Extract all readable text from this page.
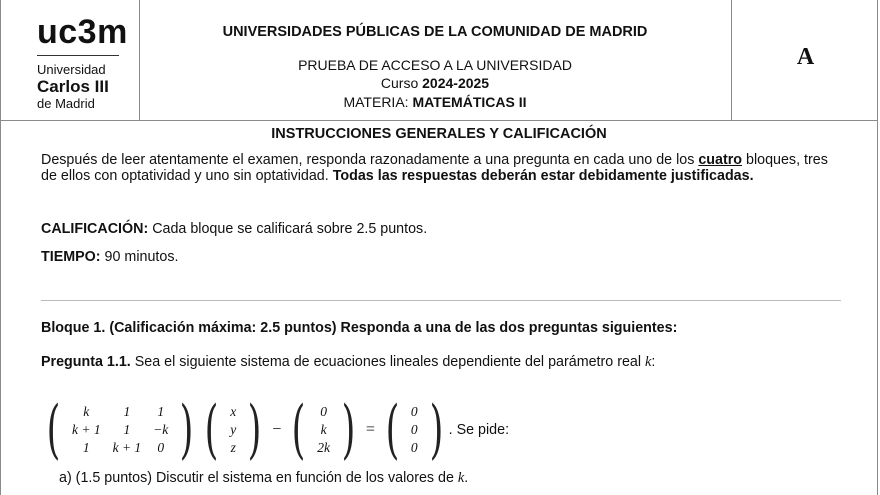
uc3m
Universidad
Carlos III
de Madrid
UNIVERSIDADES PÚBLICAS DE LA COMUNIDAD DE MADRID
PRUEBA DE ACCESO A LA UNIVERSIDAD
Curso 2024-2025
MATERIA: MATEMÁTICAS II
A
INSTRUCCIONES GENERALES Y CALIFICACIÓN
Después de leer atentamente el examen, responda razonadamente a una pregunta en cada uno de los cuatro bloques, tres de ellos con optatividad y uno sin optatividad. Todas las respuestas deberán estar debidamente justificadas.
CALIFICACIÓN: Cada bloque se calificará sobre 2.5 puntos.
TIEMPO: 90 minutos.
Bloque 1. (Calificación máxima: 2.5 puntos) Responda a una de las dos preguntas siguientes:
Pregunta 1.1. Sea el siguiente sistema de ecuaciones lineales dependiente del parámetro real k:
(	k	1	1
k + 1	1	−k
1	k + 1	0 ) ( x
y
z ) − (	0
k
2k ) = ( 0
0
0 ) . Se pide:
a) (1.5 puntos) Discutir el sistema en función de los valores de k.
